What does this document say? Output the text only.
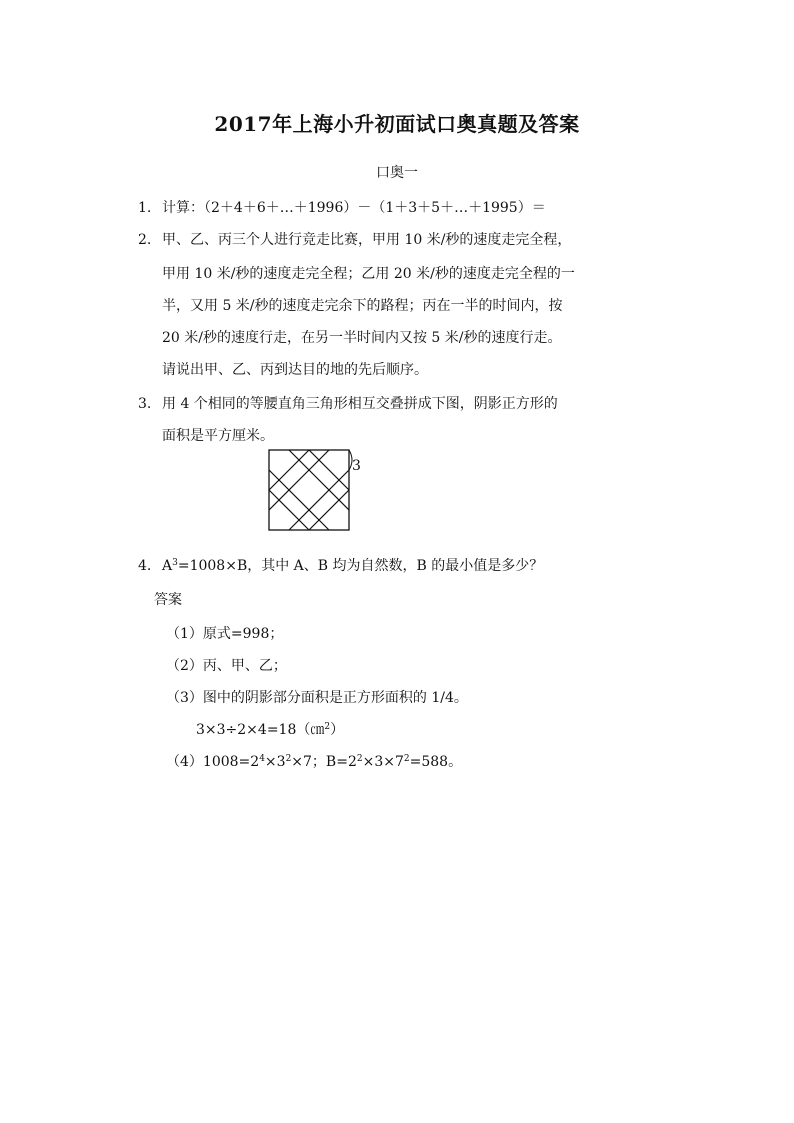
2017年上海小升初面试口奥真题及答案
口奥一
1. 计算：（2＋4＋6＋…＋1996）－（1＋3＋5＋…＋1995）＝
2. 甲、乙、丙三个人进行竞走比赛，甲用 10 米/秒的速度走完全程，
甲用 10 米/秒的速度走完全程；乙用 20 米/秒的速度走完全程的一
半，又用 5 米/秒的速度走完余下的路程；丙在一半的时间内，按
20 米/秒的速度行走，在另一半时间内又按 5 米/秒的速度行走。
请说出甲、乙、丙到达目的地的先后顺序。
3. 用 4 个相同的等腰直角三角形相互交叠拼成下图，阴影正方形的
面积是平方厘米。
3
4. $A^3=1008\times B$，其中 A、B 均为自然数，B 的最小值是多少？
答案
（1）原式=998；
（2）丙、甲、乙；
（3）图中的阴影部分面积是正方形面积的 1/4。
3×3÷2×4=18（㎝$^2$）
$(4)1008=2^4\times 3^2\times 7$；$B=2^2\times 3\times 7^2=588$。
